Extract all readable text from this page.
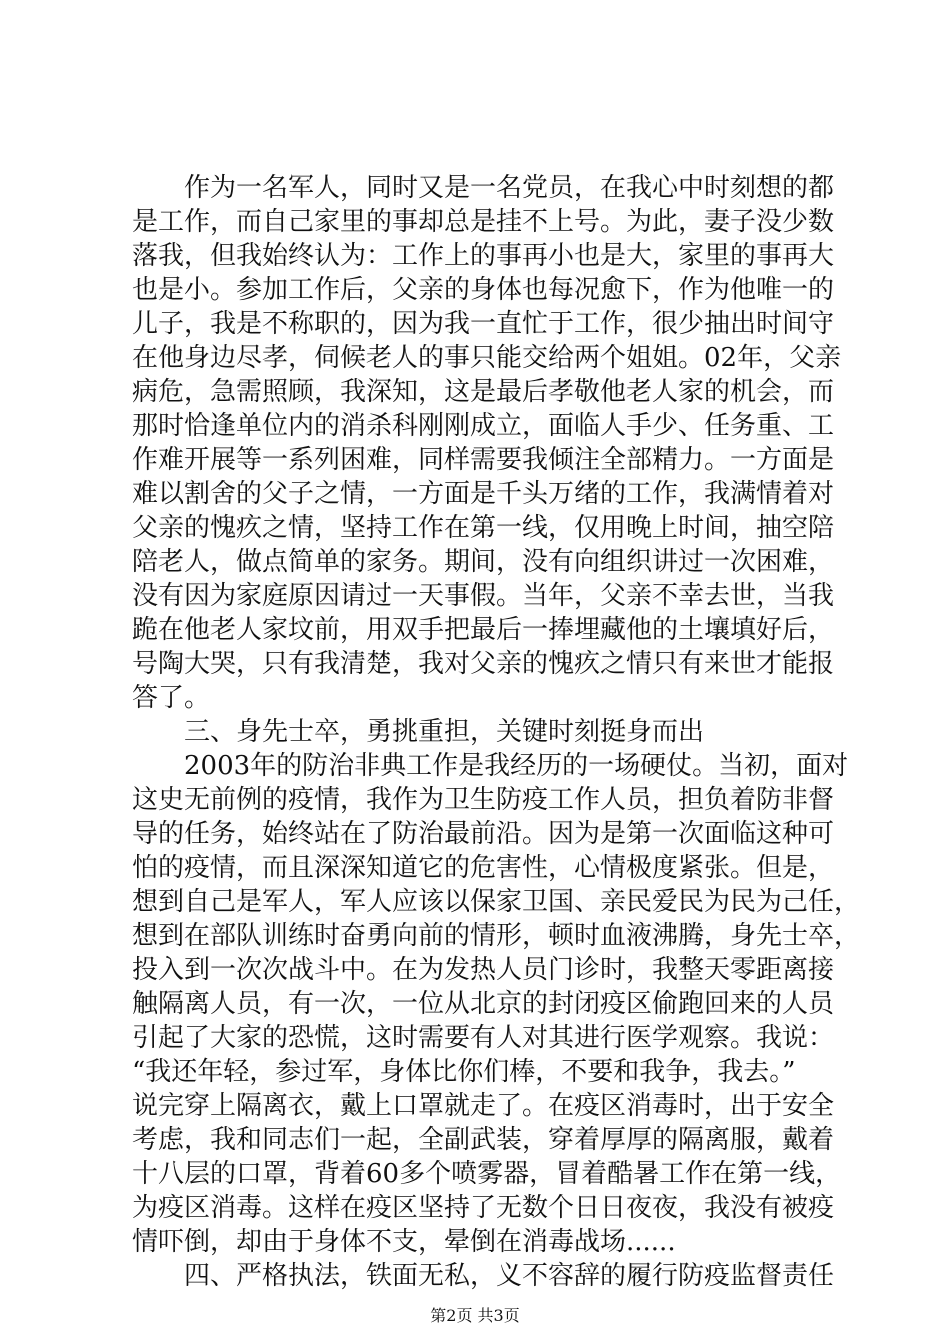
作为一名军人，同时又是一名党员，在我心中时刻想的都
是工作，而自己家里的事却总是挂不上号。为此，妻子没少数
落我，但我始终认为：工作上的事再小也是大，家里的事再大
也是小。参加工作后，父亲的身体也每况愈下，作为他唯一的
儿子，我是不称职的，因为我一直忙于工作，很少抽出时间守
在他身边尽孝，伺候老人的事只能交给两个姐姐。02年，父亲
病危，急需照顾，我深知，这是最后孝敬他老人家的机会，而
那时恰逢单位内的消杀科刚刚成立，面临人手少、任务重、工
作难开展等一系列困难，同样需要我倾注全部精力。一方面是
难以割舍的父子之情，一方面是千头万绪的工作，我满情着对
父亲的愧疚之情，坚持工作在第一线，仅用晚上时间，抽空陪
陪老人，做点简单的家务。期间，没有向组织讲过一次困难，
没有因为家庭原因请过一天事假。当年，父亲不幸去世，当我
跪在他老人家坟前，用双手把最后一捧埋藏他的土壤填好后，
号陶大哭，只有我清楚，我对父亲的愧疚之情只有来世才能报
答了。
三、身先士卒，勇挑重担，关键时刻挺身而出
2003年的防治非典工作是我经历的一场硬仗。当初，面对
这史无前例的疫情，我作为卫生防疫工作人员，担负着防非督
导的任务，始终站在了防治最前沿。因为是第一次面临这种可
怕的疫情，而且深深知道它的危害性，心情极度紧张。但是，
想到自己是军人，军人应该以保家卫国、亲民爱民为民为己任，
想到在部队训练时奋勇向前的情形，顿时血液沸腾，身先士卒，
投入到一次次战斗中。在为发热人员门诊时，我整天零距离接
触隔离人员，有一次，一位从北京的封闭疫区偷跑回来的人员
引起了大家的恐慌，这时需要有人对其进行医学观察。我说：
“我还年轻，参过军，身体比你们棒，不要和我争，我去。”
说完穿上隔离衣，戴上口罩就走了。在疫区消毒时，出于安全
考虑，我和同志们一起，全副武装，穿着厚厚的隔离服，戴着
十八层的口罩，背着60多个喷雾器，冒着酷暑工作在第一线，
为疫区消毒。这样在疫区坚持了无数个日日夜夜，我没有被疫
情吓倒，却由于身体不支，晕倒在消毒战场......
四、严格执法，铁面无私，义不容辞的履行防疫监督责任
第2页 共3页
